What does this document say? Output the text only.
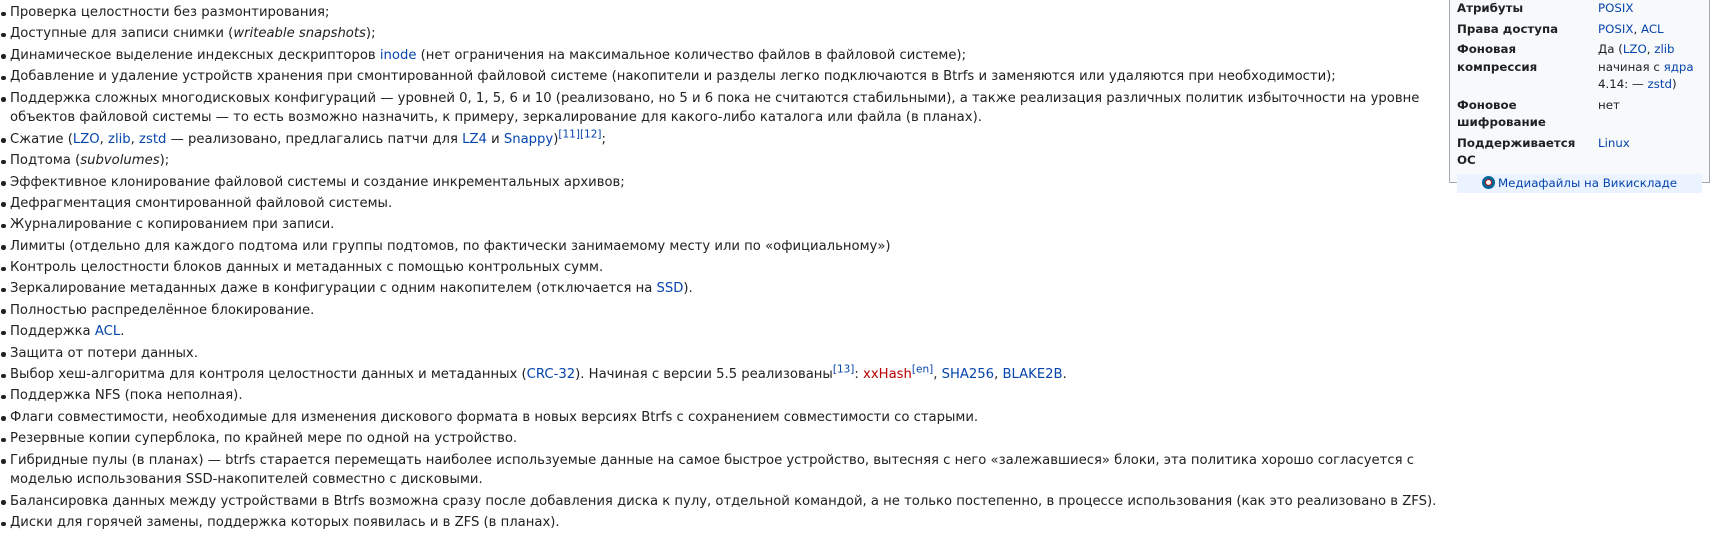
Проверка целостности без размонтирования;
Доступные для записи снимки (writeable snapshots);
Динамическое выделение индексных дескрипторов inode (нет ограничения на максимальное количество файлов в файловой системе);
Добавление и удаление устройств хранения при смонтированной файловой системе (накопители и разделы легко подключаются в Btrfs и заменяются или удаляются при необходимости);
Поддержка сложных многодисковых конфигураций — уровней 0, 1, 5, 6 и 10 (реализовано, но 5 и 6 пока не считаются стабильными), а также реализация различных политик избыточности на уровне объектов файловой системы — то есть возможно назначить, к примеру, зеркалирование для какого-либо каталога или файла (в планах).
Сжатие (LZO, zlib, zstd — реализовано, предлагались патчи для LZ4 и Snappy)[11][12];
Подтома (subvolumes);
Эффективное клонирование файловой системы и создание инкрементальных архивов;
Дефрагментация смонтированной файловой системы.
Журналирование с копированием при записи.
Лимиты (отдельно для каждого подтома или группы подтомов, по фактически занимаемому месту или по «официальному»)
Контроль целостности блоков данных и метаданных с помощью контрольных сумм.
Зеркалирование метаданных даже в конфигурации с одним накопителем (отключается на SSD).
Полностью распределённое блокирование.
Поддержка ACL.
Защита от потери данных.
Выбор хеш-алгоритма для контроля целостности данных и метаданных (CRC-32). Начиная с версии 5.5 реализованы[13]: xxHash[en], SHA256, BLAKE2B.
Поддержка NFS (пока неполная).
Флаги совместимости, необходимые для изменения дискового формата в новых версиях Btrfs с сохранением совместимости со старыми.
Резервные копии суперблока, по крайней мере по одной на устройство.
Гибридные пулы (в планах) — btrfs старается перемещать наиболее используемые данные на самое быстрое устройство, вытесняя с него «залежавшиеся» блоки, эта политика хорошо согласуется с моделью использования SSD-накопителей совместно с дисковыми.
Балансировка данных между устройствами в Btrfs возможна сразу после добавления диска к пулу, отдельной командой, а не только постепенно, в процессе использования (как это реализовано в ZFS).
Диски для горячей замены, поддержка которых появилась и в ZFS (в планах).
Атрибуты	POSIX
Права доступа	POSIX, ACL
Фоновая компрессия	Да (LZO, zlib начиная с ядра 4.14: — zstd)
Фоновое шифрование	нет
Поддерживается ОС	Linux
Медиафайлы на Викискладе
